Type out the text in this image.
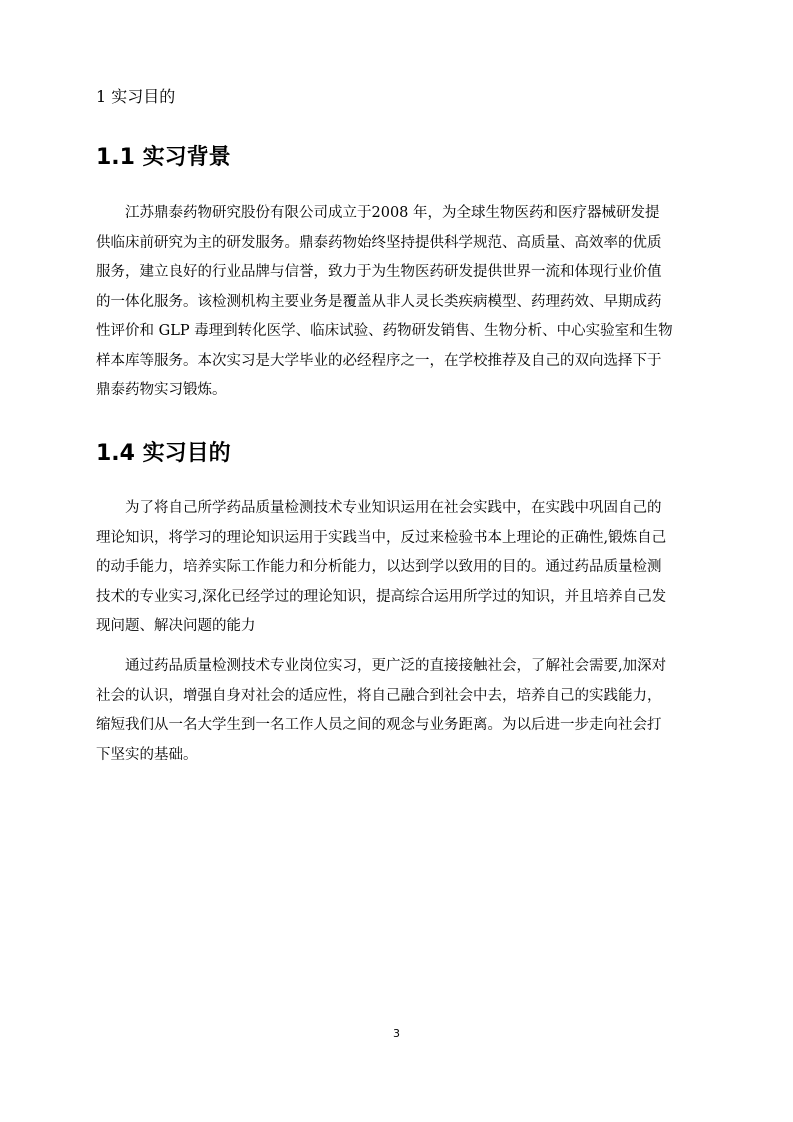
1 实习目的
1.1 实习背景
江苏鼎泰药物研究股份有限公司成立于2008 年，为全球生物医药和医疗器械研发提
供临床前研究为主的研发服务。鼎泰药物始终坚持提供科学规范、高质量、高效率的优质
服务，建立良好的行业品牌与信誉，致力于为生物医药研发提供世界一流和体现行业价值
的一体化服务。该检测机构主要业务是覆盖从非人灵长类疾病模型、药理药效、早期成药
性评价和 GLP 毒理到转化医学、临床试验、药物研发销售、生物分析、中心实验室和生物
样本库等服务。本次实习是大学毕业的必经程序之一，在学校推荐及自己的双向选择下于
鼎泰药物实习锻炼。
1.4 实习目的
为了将自己所学药品质量检测技术专业知识运用在社会实践中，在实践中巩固自己的
理论知识，将学习的理论知识运用于实践当中，反过来检验书本上理论的正确性,锻炼自己
的动手能力，培养实际工作能力和分析能力，以达到学以致用的目的。通过药品质量检测
技术的专业实习,深化已经学过的理论知识，提高综合运用所学过的知识，并且培养自己发
现问题、解决问题的能力
通过药品质量检测技术专业岗位实习，更广泛的直接接触社会，了解社会需要,加深对
社会的认识，增强自身对社会的适应性，将自己融合到社会中去，培养自己的实践能力，
缩短我们从一名大学生到一名工作人员之间的观念与业务距离。为以后进一步走向社会打
下坚实的基础。
3
